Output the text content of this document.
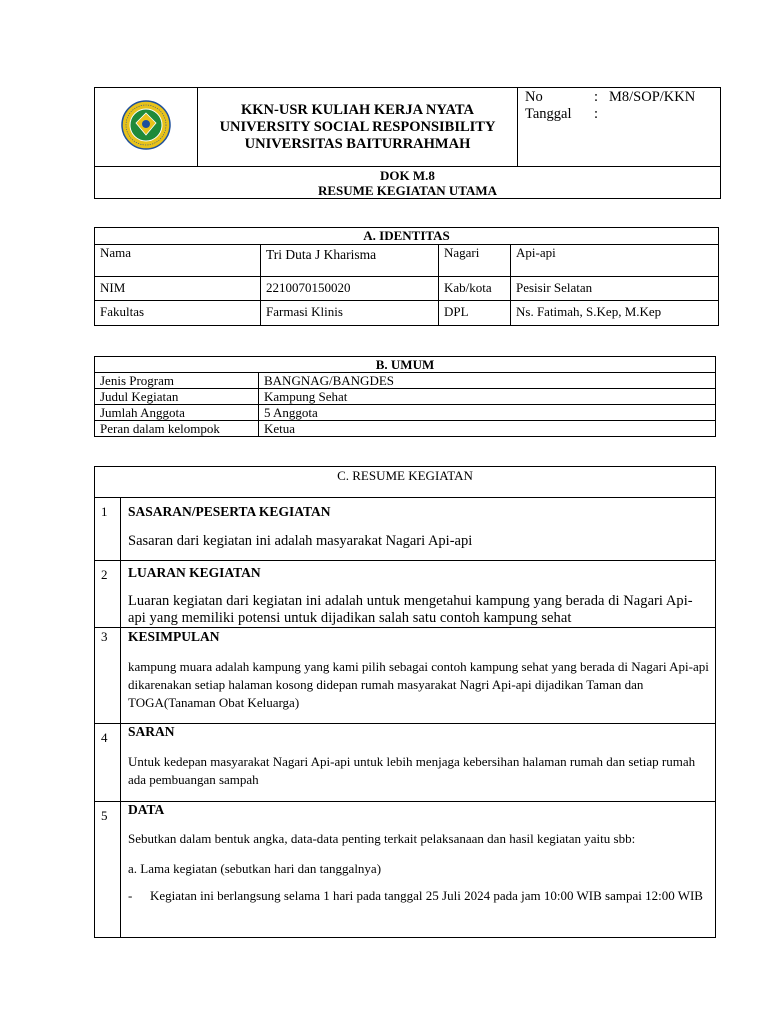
KKN-USR KULIAH KERJA NYATA
UNIVERSITY SOCIAL RESPONSIBILITY
UNIVERSITAS BAITURRAHMAH

No	: M8/SOP/KKN
Tanggal	:

DOK M.8
RESUME KEGIATAN UTAMA
A. IDENTITAS			
Nama	Tri Duta J Kharisma	Nagari	Api-api
NIM	2210070150020	Kab/kota	Pesisir Selatan
Fakultas	Farmasi Klinis	DPL	Ns. Fatimah, S.Kep, M.Kep
B. UMUM	
Jenis Program	BANGNAG/BANGDES
Judul Kegiatan	Kampung Sehat
Jumlah Anggota	5 Anggota
Peran dalam kelompok	Ketua
C. RESUME KEGIATAN	
1	SASARAN/PESERTA KEGIATAN
Sasaran dari kegiatan ini adalah masyarakat Nagari Api-api

2	LUARAN KEGIATAN
Luaran kegiatan dari kegiatan ini adalah untuk mengetahui kampung yang berada di Nagari Api-api yang memiliki potensi untuk dijadikan salah satu contoh kampung sehat

3	KESIMPULAN
kampung muara adalah kampung yang kami pilih sebagai contoh kampung sehat yang berada di Nagari Api-api dikarenakan setiap halaman kosong didepan rumah masyarakat Nagri Api-api dijadikan Taman dan TOGA(Tanaman Obat Keluarga)

4	SARAN
Untuk kedepan masyarakat Nagari Api-api untuk lebih menjaga kebersihan halaman rumah dan setiap rumah ada pembuangan sampah

5	DATA
Sebutkan dalam bentuk angka, data-data penting terkait pelaksanaan dan hasil kegiatan yaitu sbb:
a. Lama kegiatan (sebutkan hari dan tanggalnya)
- Kegiatan ini berlangsung selama 1 hari pada tanggal 25 Juli 2024 pada jam 10:00 WIB sampai 12:00 WIB
